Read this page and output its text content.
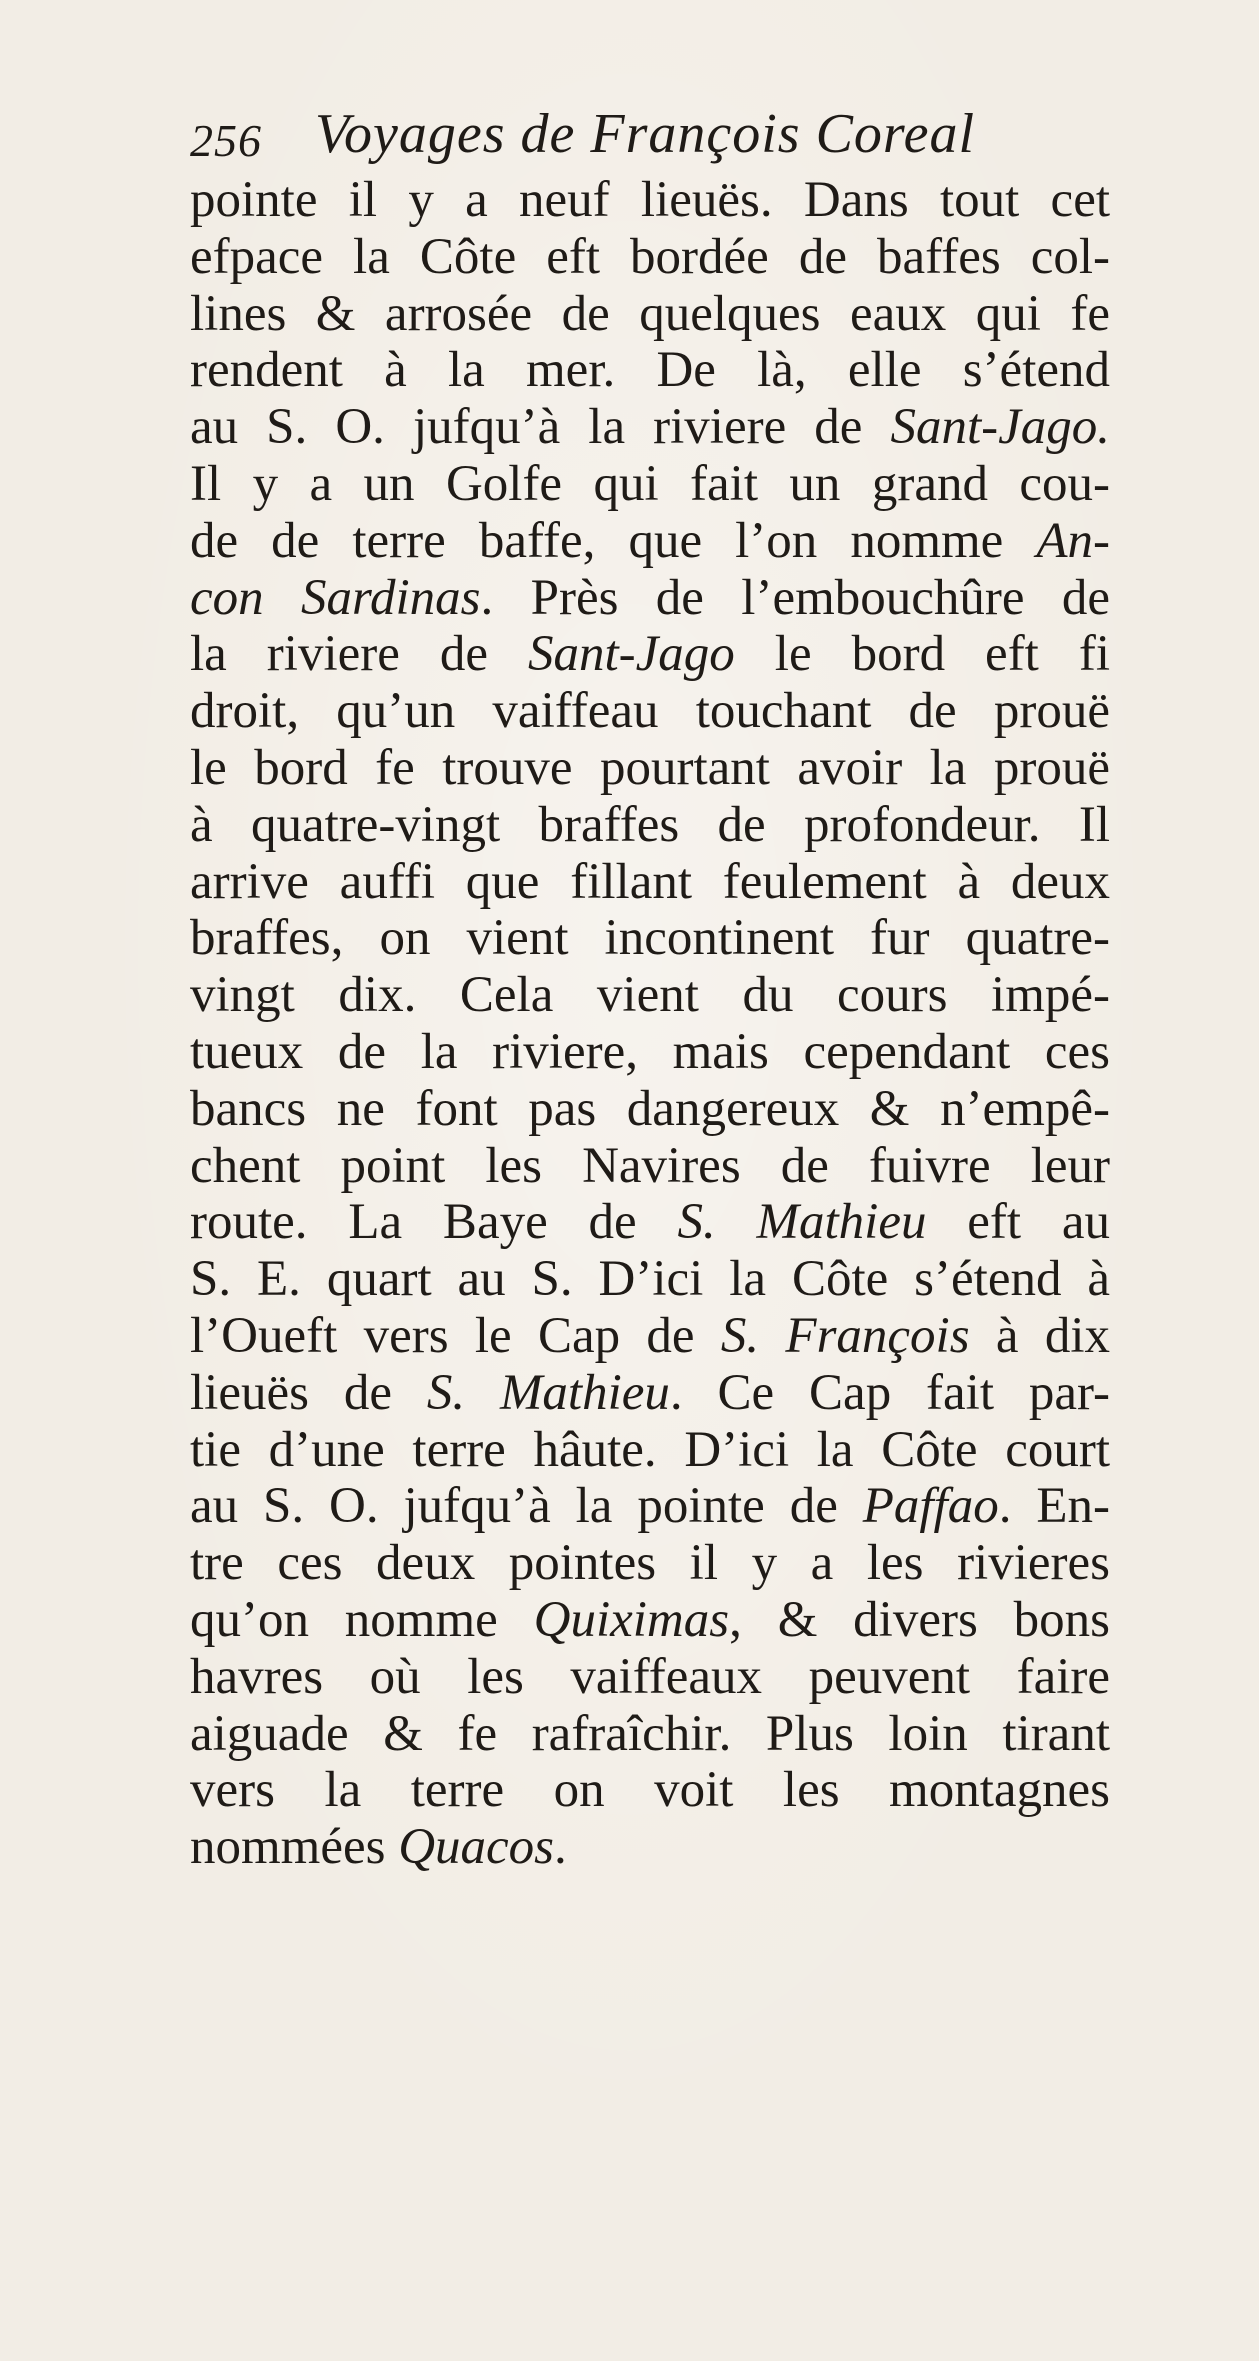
256 Voyages de François Coreal
pointe il y a neuf lieuës. Dans tout cet
efpace la Côte eft bordée de baffes col-
lines & arrosée de quelques eaux qui fe
rendent à la mer. De là, elle s’étend
au S. O. jufqu’à la riviere de Sant-Jago.
Il y a un Golfe qui fait un grand cou-
de de terre baffe, que l’on nomme An-
con Sardinas. Près de l’embouchûre de
la riviere de Sant-Jago le bord eft fi
droit, qu’un vaiffeau touchant de prouë
le bord fe trouve pourtant avoir la prouë
à quatre-vingt braffes de profondeur. Il
arrive auffi que fillant feulement à deux
braffes, on vient incontinent fur quatre-
vingt dix. Cela vient du cours impé-
tueux de la riviere, mais cependant ces
bancs ne font pas dangereux & n’empê-
chent point les Navires de fuivre leur
route. La Baye de S. Mathieu eft au
S. E. quart au S. D’ici la Côte s’étend à
l’Oueft vers le Cap de S. François à dix
lieuës de S. Mathieu. Ce Cap fait par-
tie d’une terre hâute. D’ici la Côte court
au S. O. jufqu’à la pointe de Paffao. En-
tre ces deux pointes il y a les rivieres
qu’on nomme Quiximas, & divers bons
havres où les vaiffeaux peuvent faire
aiguade & fe rafraîchir. Plus loin tirant
vers la terre on voit les montagnes
nommées Quacos.
